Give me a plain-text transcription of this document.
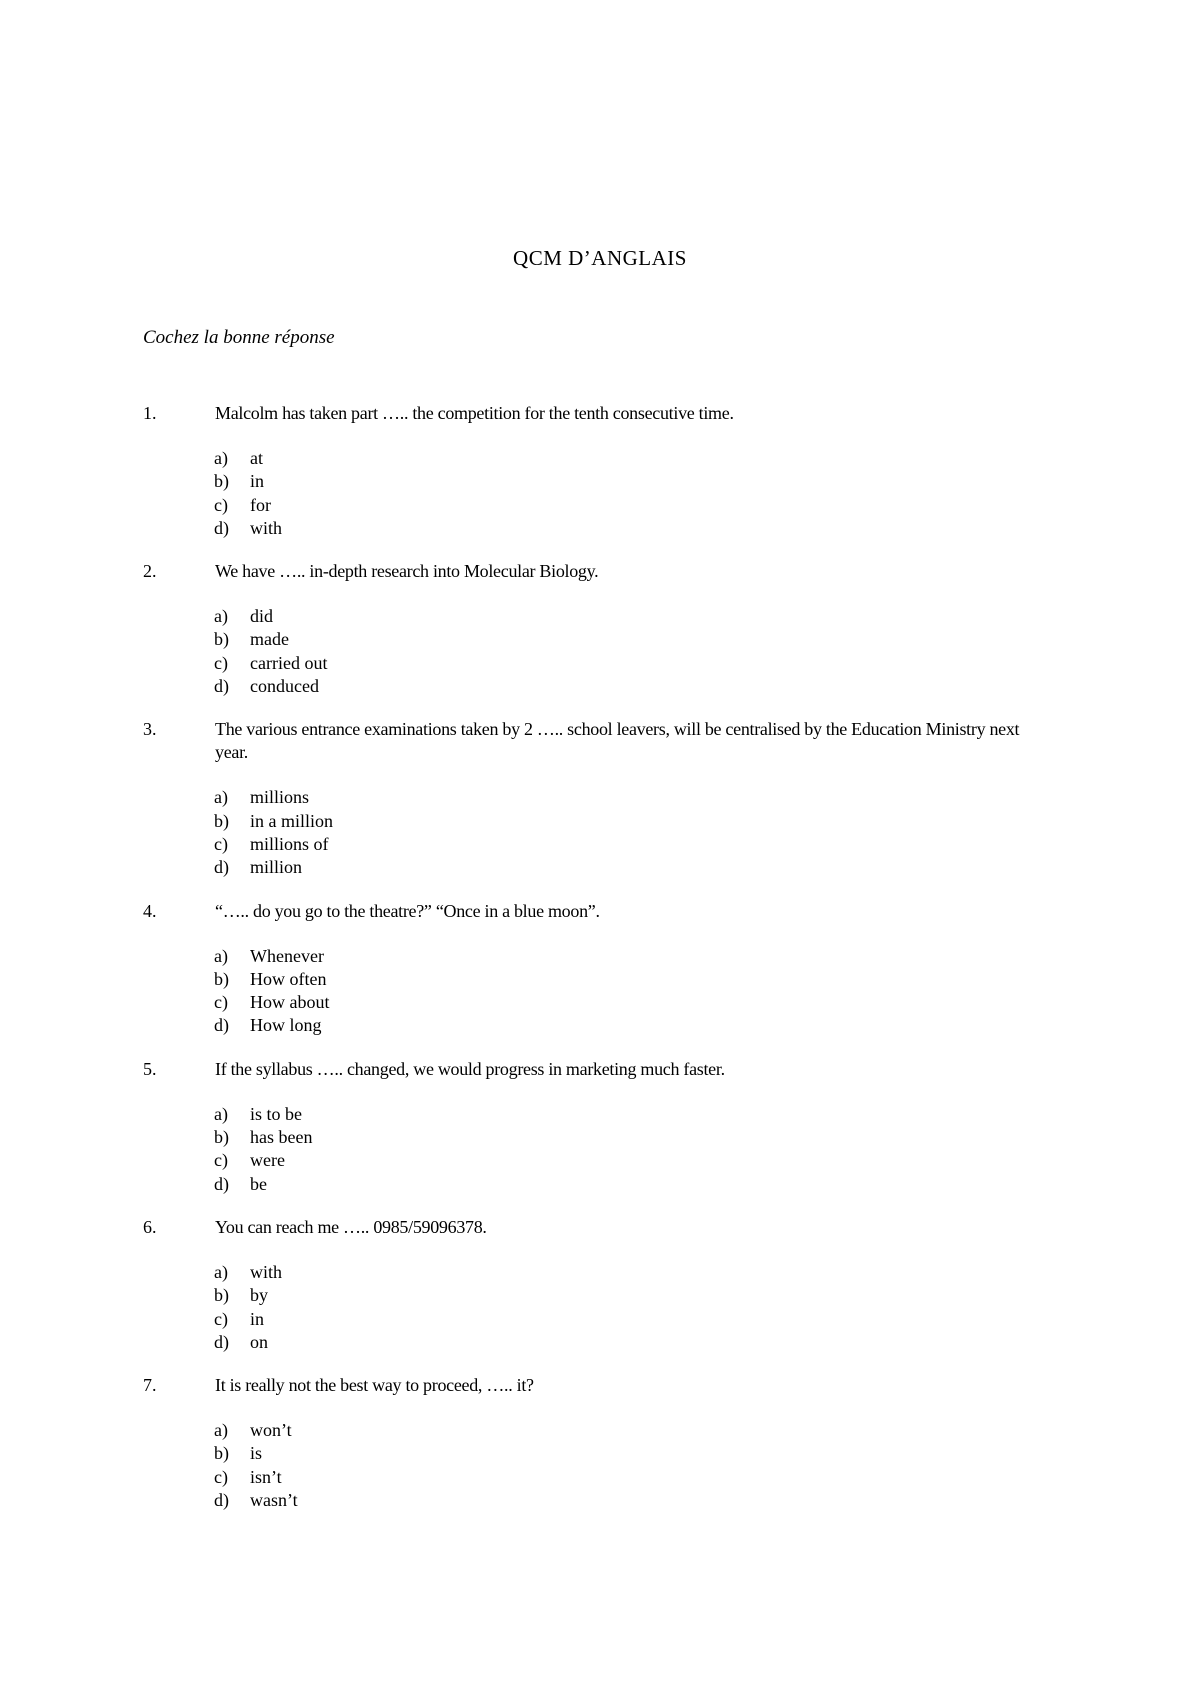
QCM D’ANGLAIS

Cochez la bonne réponse

1.	Malcolm has taken part ….. the competition for the tenth consecutive time.
a) at
b) in
c) for
d) with
2.	We have ….. in-depth research into Molecular Biology.
a) did
b) made
c) carried out
d) conduced
3.	The various entrance examinations taken by 2 ….. school leavers, will be centralised by the Education Ministry next year.
a) millions
b) in a million
c) millions of
d) million
4.	“….. do you go to the theatre?” “Once in a blue moon”.
a) Whenever
b) How often
c) How about
d) How long
5.	If the syllabus ….. changed, we would progress in marketing much faster.
a) is to be
b) has been
c) were
d) be
6.	You can reach me ….. 0985/59096378.
a) with
b) by
c) in
d) on
7.	It is really not the best way to proceed, ….. it?
a) won’t
b) is
c) isn’t
d) wasn’t
